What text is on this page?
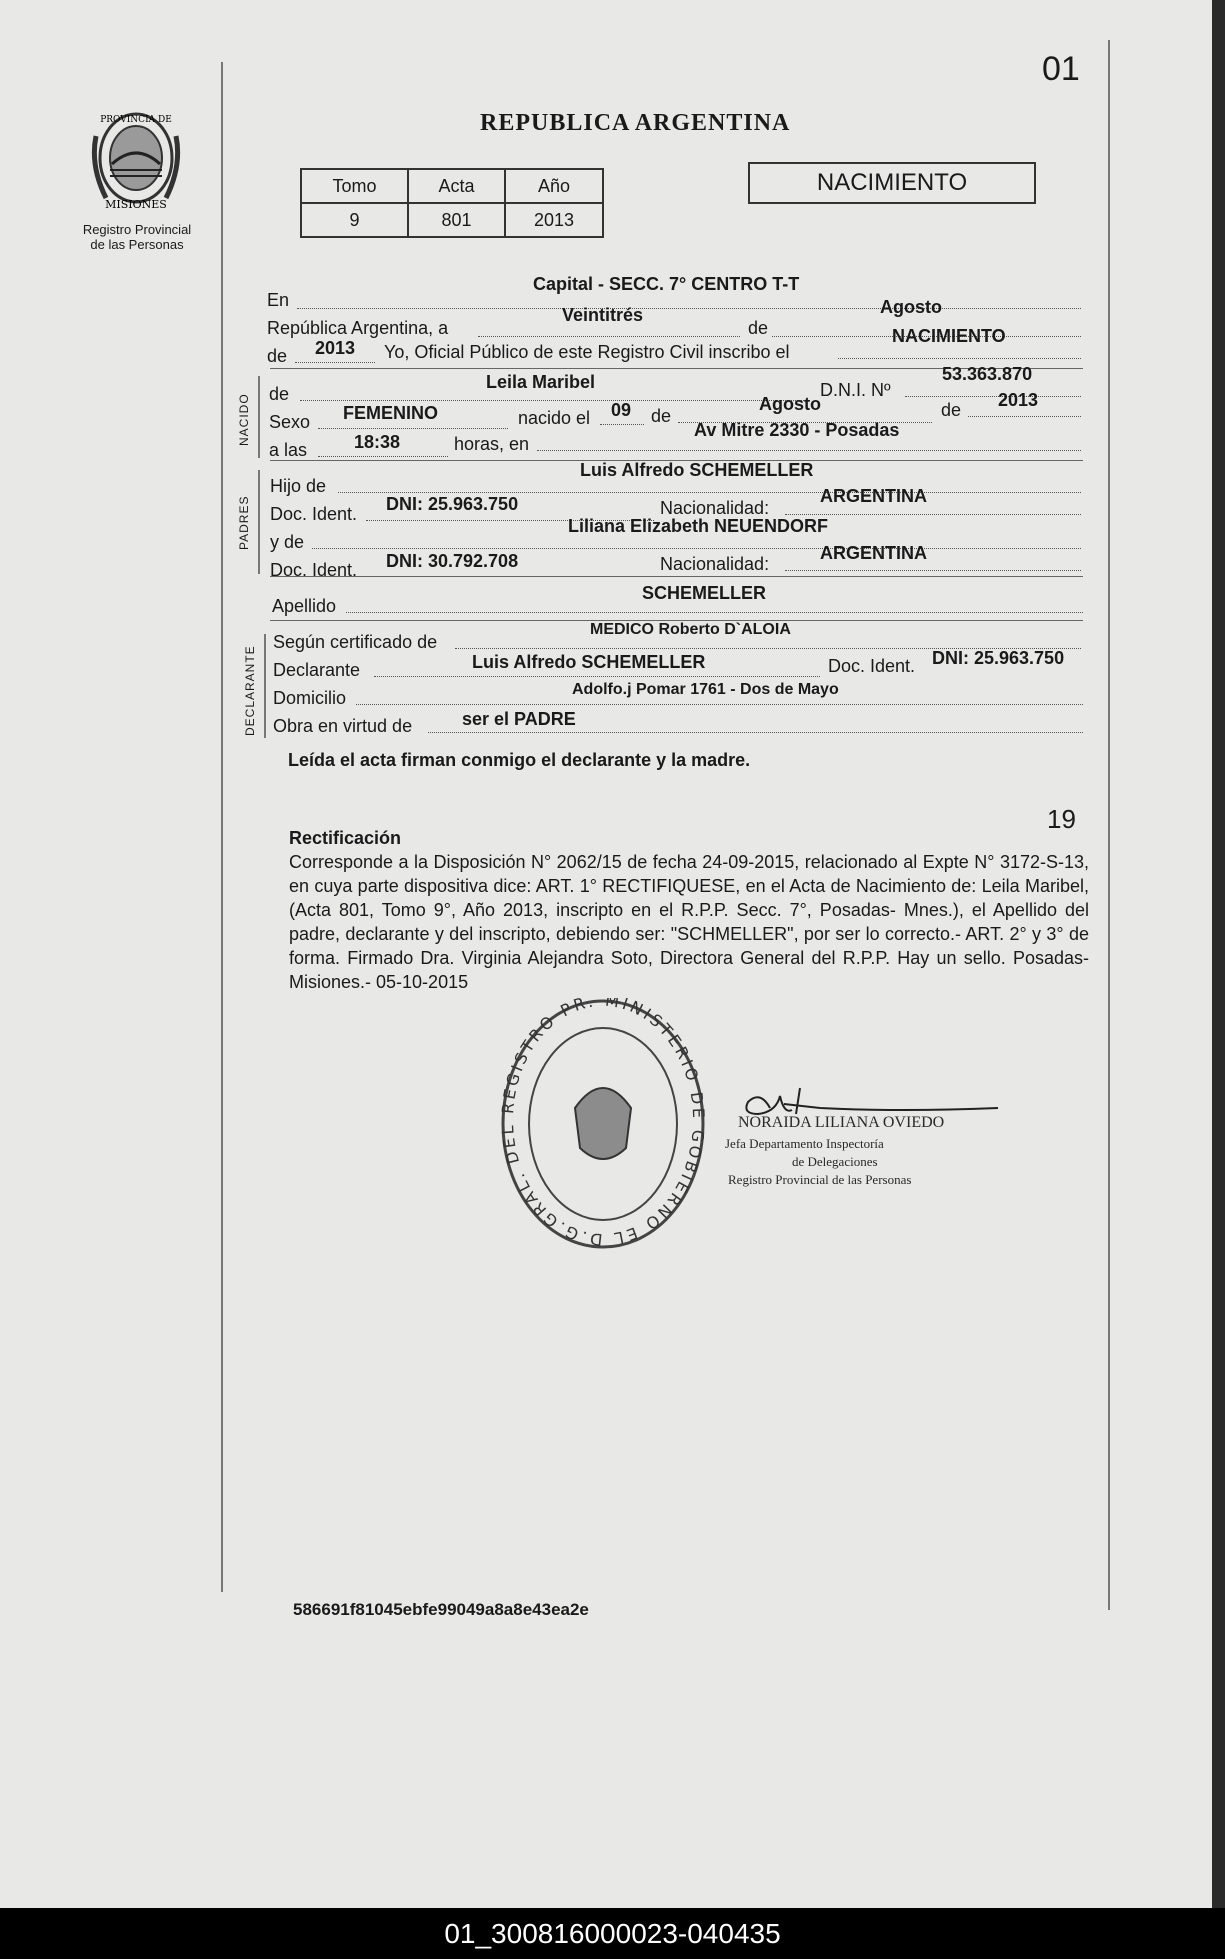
01
PROVINCIA DE
MISIONES
Registro Provincial
de las Personas
REPUBLICA ARGENTINA
Tomo	Acta	Año
9	801	2013
NACIMIENTO
En
Capital - SECC. 7° CENTRO T-T
República Argentina, a
Veintitrés
de
Agosto
de 2013 Yo, Oficial Público de este Registro Civil inscribo el
NACIMIENTO
NACIDO de
Leila Maribel	D.N.I. Nº
53.363.870
Sexo FEMENINO	nacido el 09 de
Agosto	de 2013
a las	18:38	horas, en
Av Mitre 2330 - Posadas
PADRES
Hijo de
Luis Alfredo SCHEMELLER
Doc. Ident. DNI: 25.963.750	Nacionalidad:
ARGENTINA
y de
Liliana Elizabeth NEUENDORF
Doc. Ident. DNI: 30.792.708	Nacionalidad:
ARGENTINA
Apellido
SCHEMELLER
DECLARANTE
Según certificado de
MEDICO Roberto D`ALOIA
Declarante	Luis Alfredo SCHEMELLER	Doc. Ident. DNI: 25.963.750
Domicilio	Adolfo.j Pomar 1761 - Dos de Mayo
Obra en virtud de	ser el PADRE
Leída el acta firman conmigo el declarante y la madre.
19
Rectificación
Corresponde a la Disposición N° 2062/15 de fecha 24-09-2015, relacionado al Expte N° 3172-S-13, en cuya parte dispositiva dice: ART. 1° RECTIFIQUESE, en el Acta de Nacimiento de: Leila Maribel, (Acta 801, Tomo 9°, Año 2013, inscripto en el R.P.P. Secc. 7°, Posadas- Mnes.), el Apellido del padre, declarante y del inscripto, debiendo ser: "SCHMELLER", por ser lo correcto.- ART. 2° y 3° de forma. Firmado Dra. Virginia Alejandra Soto, Directora General del R.P.P. Hay un sello. Posadas- Misiones.- 05-10-2015
D.G.GRAL. DE REGISTRO PR. MINISTERIO D GOBIERNO EL
NORAIDA LILIANA OVIEDO
Jefa Departamento Inspectoría
de Delegaciones
Registro Provincial de las Personas
586691f81045ebfe99049a8a8e43ea2e
01_300816000023-040435
